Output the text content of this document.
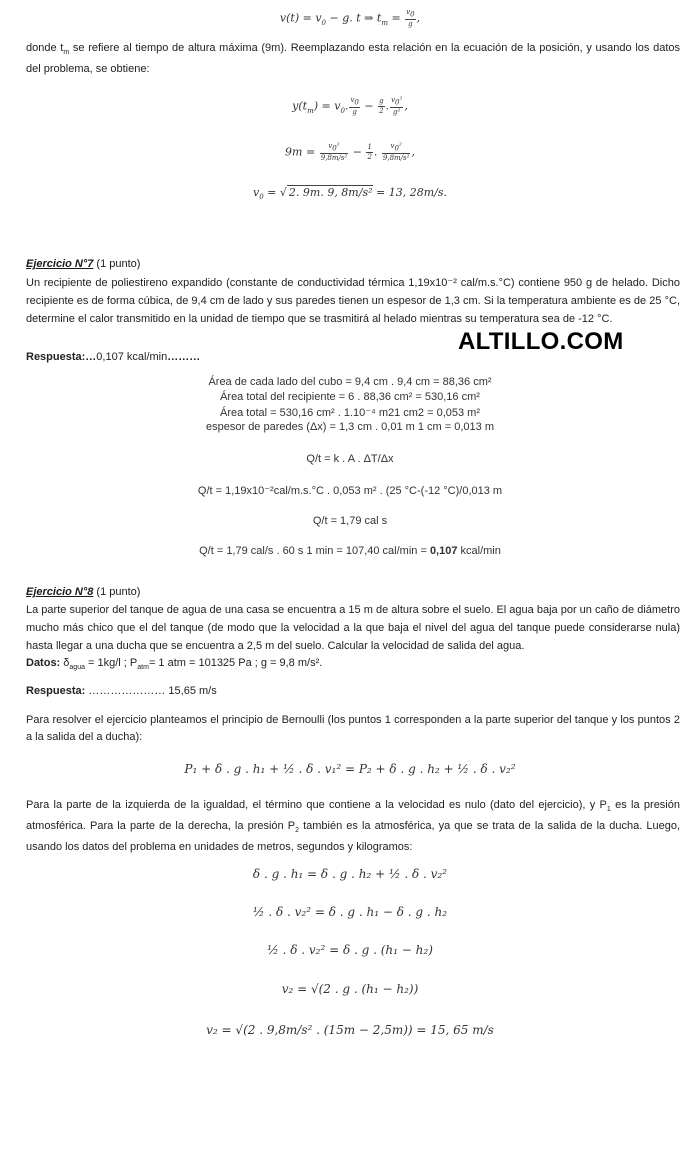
$v(t) = v_0 - g$. t ⇒ $t_m = \frac{v_0}{g}$ ,
donde $t_m$ se refiere al tiempo de altura máxima (9m). Reemplazando esta relación en la ecuación de la posición, y usando los datos del problema, se obtiene:
$y(t_m) = v_0$. $\frac{v_0}{g} - \frac{g}{2}$ . $\frac{v_0^2}{\text{g²}}$ ,
$9m = \frac{v_0^2}{\text{9,8m/s²}} - \frac{1}{2}$ . $\frac{v_0^2}{\text{9,8m/s²}}$ ,
$v_0$ = √ 2. 9m. 9, 8m/s² = 13, 28m/s.
Ejercicio N°7 (1 punto)
Un recipiente de poliestireno expandido (constante de conductividad térmica 1,19x10⁻² cal/m.s.°C) contiene 950 g de helado. Dicho recipiente es de forma cúbica, de 9,4 cm de lado y sus paredes tienen un espesor de 1,3 cm. Si la temperatura ambiente es de 25 °C, determine el calor transmitido en la unidad de tiempo que se trasmitirá al helado mientras su temperatura sea de -12 °C.
ALTILLO.COM
Respuesta:…0,107 kcal/min………
Área de cada lado del cubo = 9,4 cm . 9,4 cm = 88,36 cm²
Área total del recipiente = 6 . 88,36 cm² = 530,16 cm²
Área total = 530,16 cm² . 1.10⁻⁴ m21 cm2 = 0,053 m²
espesor de paredes (Δx) = 1,3 cm . 0,01 m 1 cm = 0,013 m
Q/t = k . A . ΔT/Δx
Q/t = 1,19x10⁻²cal/m.s.°C . 0,053 m² . (25 °C-(-12 °C)/0,013 m
Q/t = 1,79 cal s
Q/t = 1,79 cal/s . 60 s 1 min = 107,40 cal/min = 0,107 kcal/min
Ejercicio N°8 (1 punto)
La parte superior del tanque de agua de una casa se encuentra a 15 m de altura sobre el suelo. El agua baja por un caño de diámetro mucho más chico que el del tanque (de modo que la velocidad a la que baja el nivel del agua del tanque puede considerarse nula) hasta llegar a una ducha que se encuentra a 2,5 m del suelo. Calcular la velocidad de salida del agua.
Datos: $\delta_{agua} = 1kg/l$ ; $P_{atm}= 1$ atm = 101325 Pa ; g = 9,8 m/s².
Respuesta: ………………… 15,65 m/s
Para resolver el ejercicio planteamos el principio de Bernoulli (los puntos 1 corresponden a la parte superior del tanque y los puntos 2 a la salida del a ducha):
P₁ + δ . g . h₁ + ½ . δ . v₁² = P₂ + δ . g . h₂ + ½ . δ . v₂²
Para la parte de la izquierda de la igualdad, el término que contiene a la velocidad es nulo (dato del ejercicio), y $P_1$ es la presión atmosférica. Para la parte de la derecha, la presión $P_2$ también es la atmosférica, ya que se trata de la salida de la ducha. Luego, usando los datos del problema en unidades de metros, segundos y kilogramos:
δ . g . h₁ = δ . g . h₂ + ½ . δ . v₂²
½ . δ . v₂² = δ . g . h₁ − δ . g . h₂
½ . δ . v₂² = δ . g . (h₁ − h₂)
v₂ = √(2 . g . (h₁ − h₂))
v₂ = √(2 . 9,8m/s² . (15m − 2,5m)) = 15, 65 m/s
